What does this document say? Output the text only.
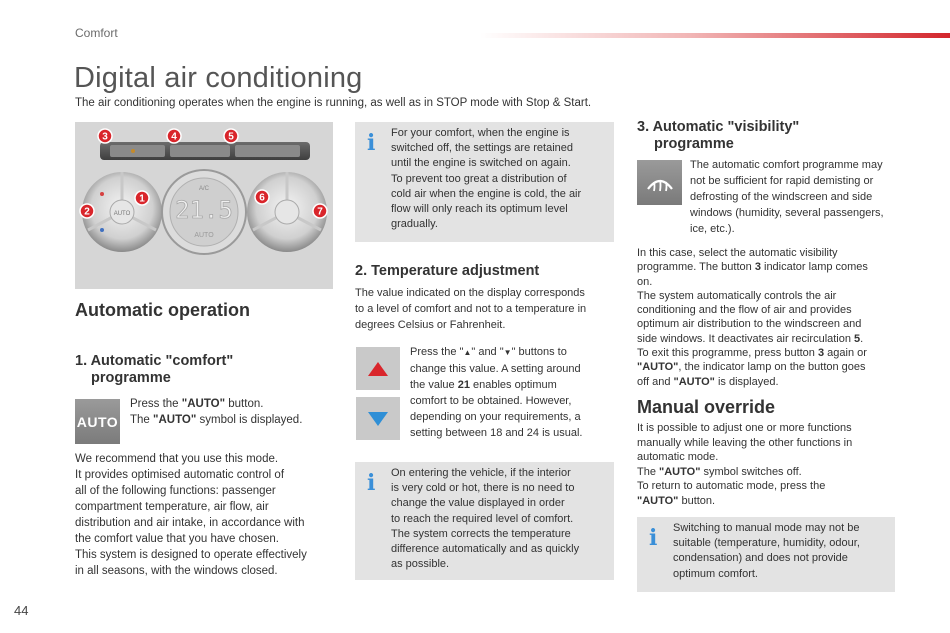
Comfort
Digital air conditioning
The air conditioning operates when the engine is running, as well as in STOP mode with Stop & Start.
AUTO
A/C
21.5
AUTO
3	4	5
1
2
6
7
Automatic operation
1. Automatic "comfort"
programme
AUTO
Press the "AUTO" button.
The "AUTO" symbol is displayed.
We recommend that you use this mode.
It provides optimised automatic control of
all of the following functions: passenger
compartment temperature, air flow, air
distribution and air intake, in accordance with
the comfort value that you have chosen.
This system is designed to operate effectively
in all seasons, with the windows closed.
i	For your comfort, when the engine is
switched off, the settings are retained
until the engine is switched on again.
To prevent too great a distribution of
cold air when the engine is cold, the air
flow will only reach its optimum level
gradually.
2. Temperature adjustment
The value indicated on the display corresponds
to a level of comfort and not to a temperature in
degrees Celsius or Fahrenheit.
Press the "▲" and "▼" buttons to
change this value. A setting around
the value 21 enables optimum
comfort to be obtained. However,
depending on your requirements, a
setting between 18 and 24 is usual.
i	On entering the vehicle, if the interior
is very cold or hot, there is no need to
change the value displayed in order
to reach the required level of comfort.
The system corrects the temperature
difference automatically and as quickly
as possible.
3. Automatic "visibility"
programme
The automatic comfort programme may
not be sufficient for rapid demisting or
defrosting of the windscreen and side
windows (humidity, several passengers,
ice, etc.).
In this case, select the automatic visibility
programme. The button 3 indicator lamp comes
on.
The system automatically controls the air
conditioning and the flow of air and provides
optimum air distribution to the windscreen and
side windows. It deactivates air recirculation 5.
To exit this programme, press button 3 again or
"AUTO", the indicator lamp on the button goes
off and "AUTO" is displayed.
Manual override
It is possible to adjust one or more functions
manually while leaving the other functions in
automatic mode.
The "AUTO" symbol switches off.
To return to automatic mode, press the
"AUTO" button.
i	Switching to manual mode may not be
suitable (temperature, humidity, odour,
condensation) and does not provide
optimum comfort.
44
